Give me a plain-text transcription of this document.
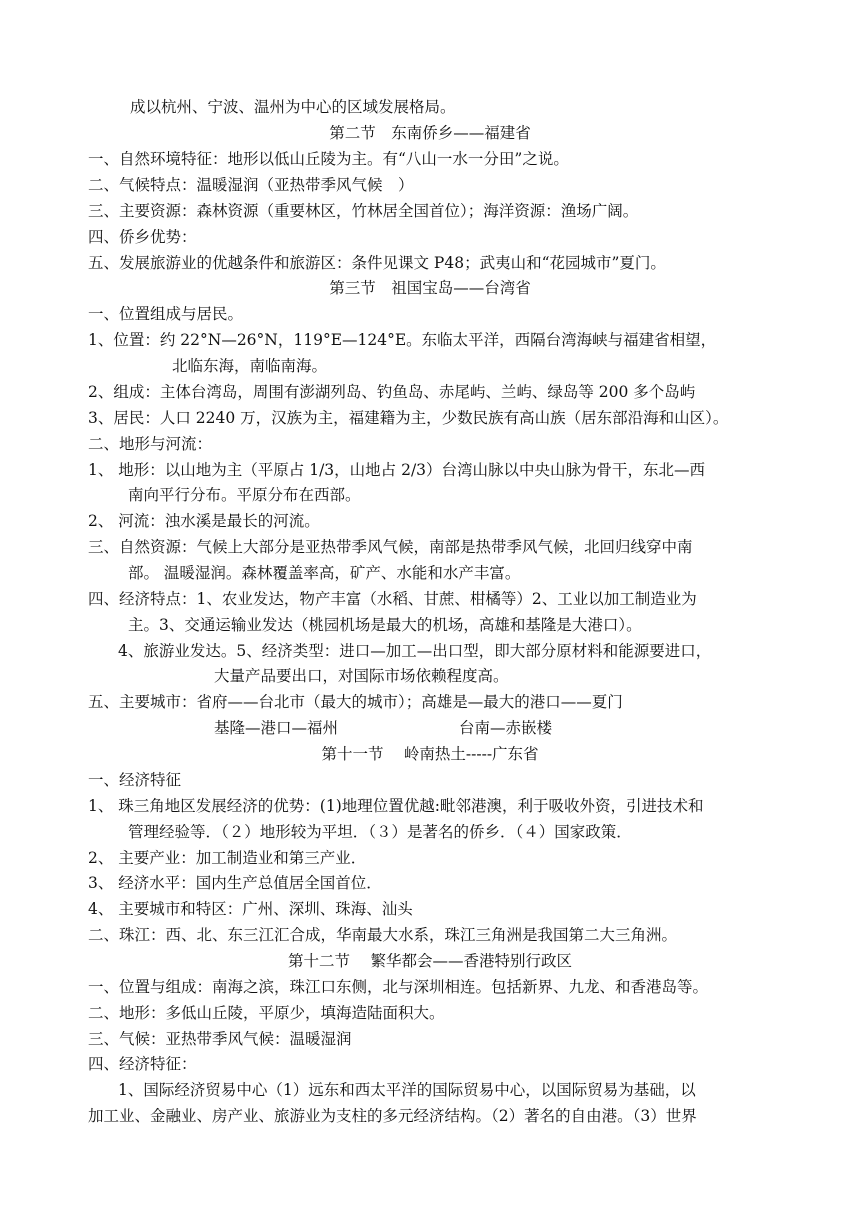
成以杭州、宁波、温州为中心的区域发展格局。
第二节　东南侨乡——福建省
一、自然环境特征：地形以低山丘陵为主。有“八山一水一分田”之说。
二、气候特点：温暖湿润（亚热带季风气候　）
三、主要资源：森林资源（重要林区，竹林居全国首位）；海洋资源：渔场广阔。
四、侨乡优势：
五、发展旅游业的优越条件和旅游区：条件见课文 P48；武夷山和“花园城市”夏门。
第三节　祖国宝岛——台湾省
一、位置组成与居民。
1、位置：约 22°N—26°N，119°E—124°E。东临太平洋，西隔台湾海峡与福建省相望，
北临东海，南临南海。
2、组成：主体台湾岛，周围有澎湖列岛、钓鱼岛、赤尾屿、兰屿、绿岛等 200 多个岛屿
3、居民：人口 2240 万，汉族为主，福建籍为主，少数民族有高山族（居东部沿海和山区）。
二、地形与河流：
1、 地形：以山地为主（平原占 1/3，山地占 2/3）台湾山脉以中央山脉为骨干，东北—西
南向平行分布。平原分布在西部。
2、 河流：浊水溪是最长的河流。
三、自然资源：气候上大部分是亚热带季风气候，南部是热带季风气候，北回归线穿中南
部。 温暖湿润。森林覆盖率高，矿产、水能和水产丰富。
四、经济特点：1、农业发达，物产丰富（水稻、甘蔗、柑橘等）2、工业以加工制造业为
主。3、交通运输业发达（桃园机场是最大的机场，高雄和基隆是大港口）。
4、旅游业发达。5、经济类型：进口—加工—出口型，即大部分原材料和能源要进口，
大量产品要出口，对国际市场依赖程度高。
五、主要城市：省府——台北市（最大的城市）；高雄是—最大的港口——夏门
基隆—港口—福州	台南—赤嵌楼
第十一节　 岭南热土-----广东省
一、经济特征
1、 珠三角地区发展经济的优势：(1)地理位置优越:毗邻港澳，利于吸收外资，引进技术和
管理经验等．（２）地形较为平坦．（３）是著名的侨乡．（４）国家政策．
2、 主要产业：加工制造业和第三产业．
3、 经济水平：国内生产总值居全国首位．
4、 主要城市和特区：广州、深圳、珠海、汕头
二、珠江：西、北、东三江汇合成，华南最大水系，珠江三角洲是我国第二大三角洲。
第十二节　 繁华都会——香港特别行政区
一、位置与组成：南海之滨，珠江口东侧，北与深圳相连。包括新界、九龙、和香港岛等。
二、地形：多低山丘陵，平原少，填海造陆面积大。
三、气候：亚热带季风气候：温暖湿润
四、经济特征：
1、国际经济贸易中心（1）远东和西太平洋的国际贸易中心，以国际贸易为基础，以
加工业、金融业、房产业、旅游业为支柱的多元经济结构。（2）著名的自由港。（3）世界
